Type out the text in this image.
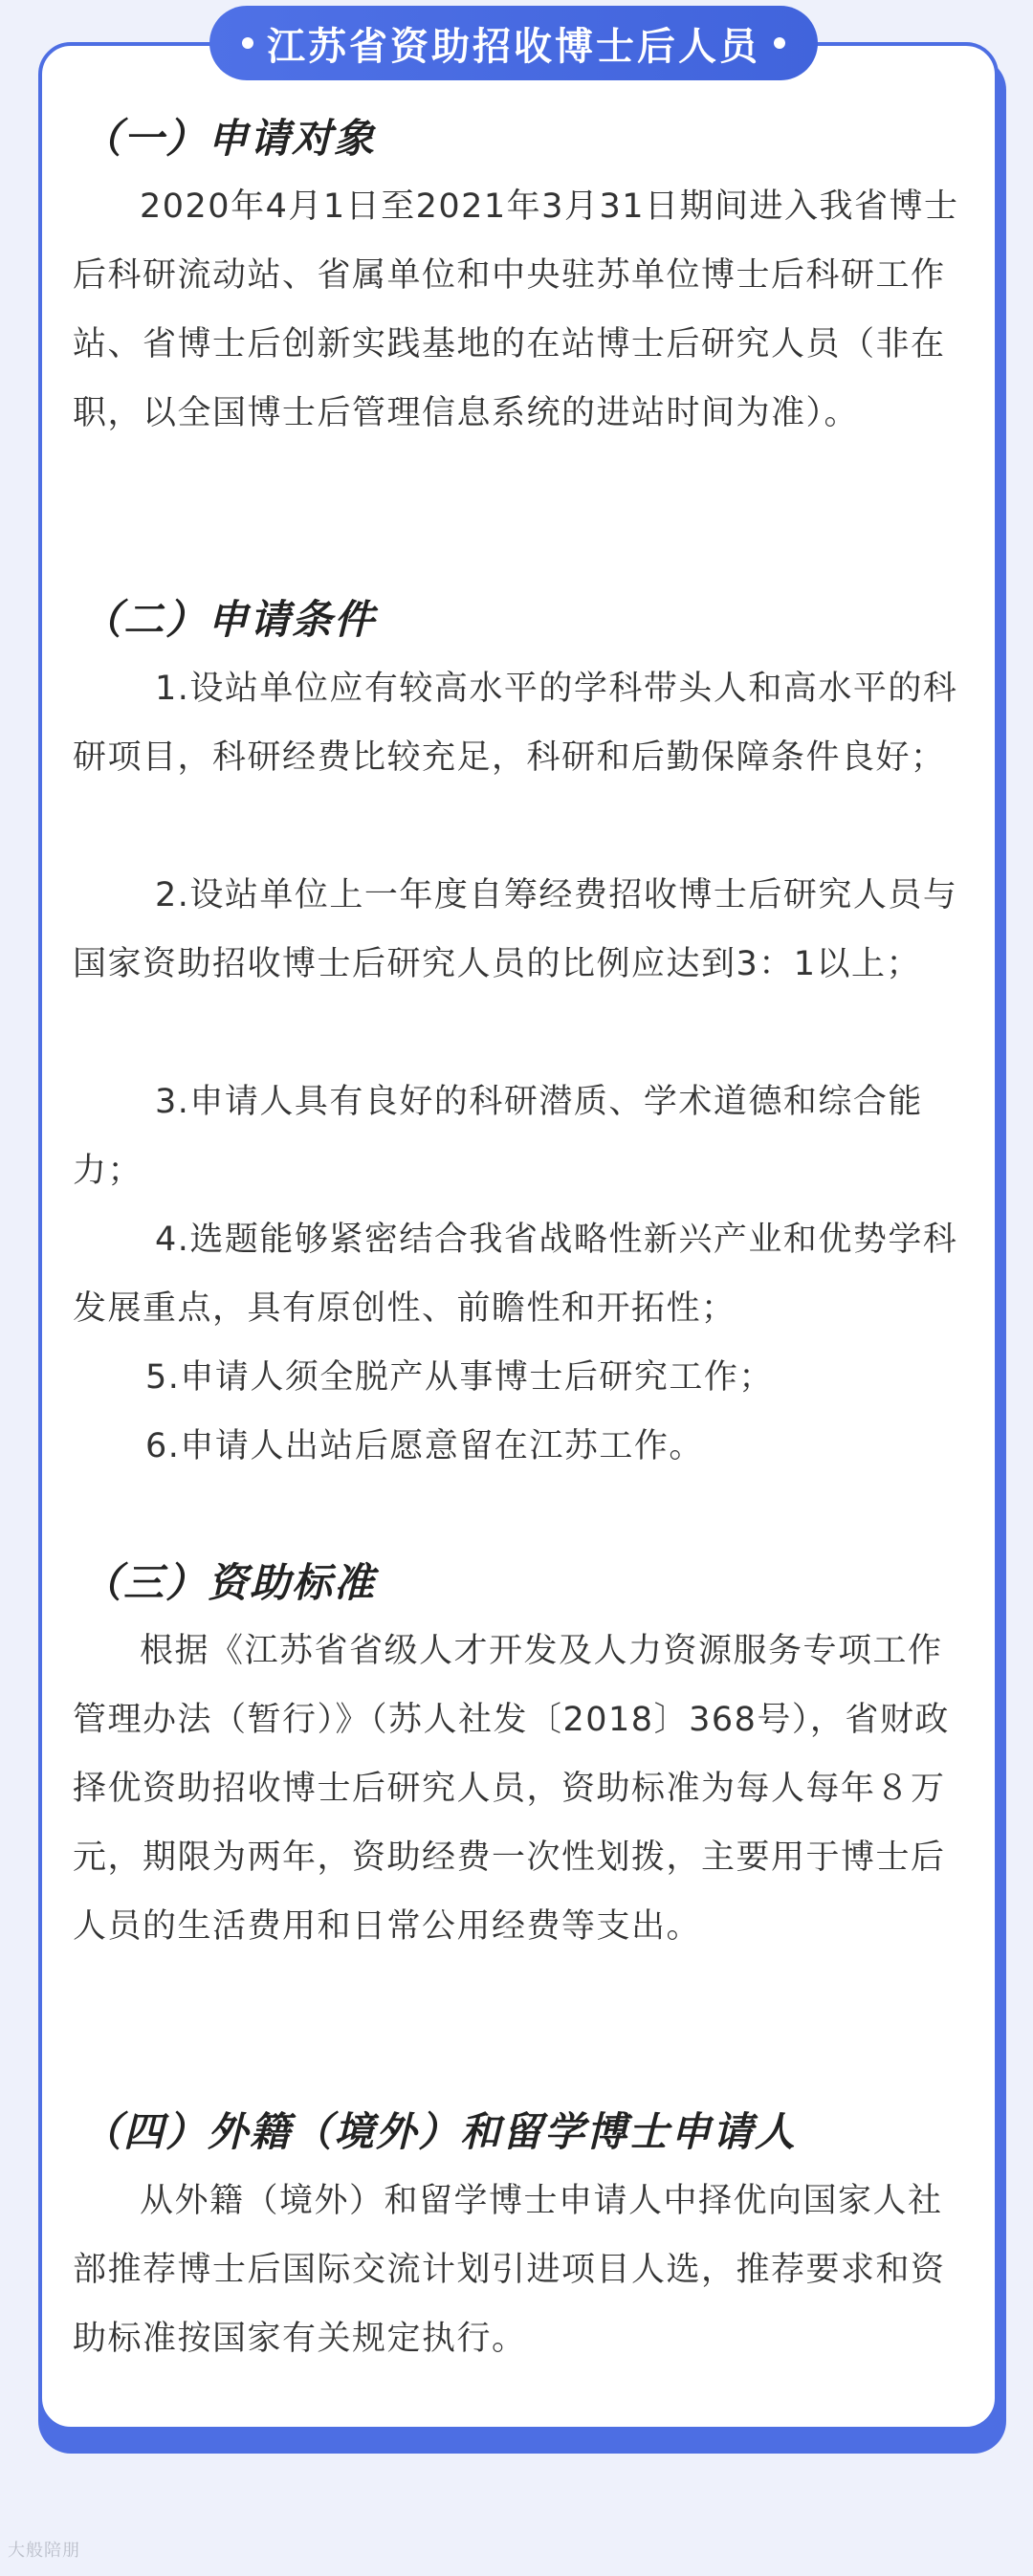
江苏省资助招收博士后人员
（一）申请对象
2020年4月1日至2021年3月31日期间进入我省博士后科研流动站、省属单位和中央驻苏单位博士后科研工作站、省博士后创新实践基地的在站博士后研究人员（非在职，以全国博士后管理信息系统的进站时间为准）。
（二）申请条件
1.设站单位应有较高水平的学科带头人和高水平的科研项目，科研经费比较充足，科研和后勤保障条件良好；
2.设站单位上一年度自筹经费招收博士后研究人员与国家资助招收博士后研究人员的比例应达到3：1以上；
3.申请人具有良好的科研潜质、学术道德和综合能力；
4.选题能够紧密结合我省战略性新兴产业和优势学科发展重点，具有原创性、前瞻性和开拓性；
5.申请人须全脱产从事博士后研究工作；
6.申请人出站后愿意留在江苏工作。
（三）资助标准
根据《江苏省省级人才开发及人力资源服务专项工作管理办法（暂行）》（苏人社发〔2018〕368号），省财政择优资助招收博士后研究人员，资助标准为每人每年８万元，期限为两年，资助经费一次性划拨，主要用于博士后人员的生活费用和日常公用经费等支出。
（四）外籍（境外）和留学博士申请人
从外籍（境外）和留学博士申请人中择优向国家人社部推荐博士后国际交流计划引进项目人选，推荐要求和资助标准按国家有关规定执行。
大般陪朋
